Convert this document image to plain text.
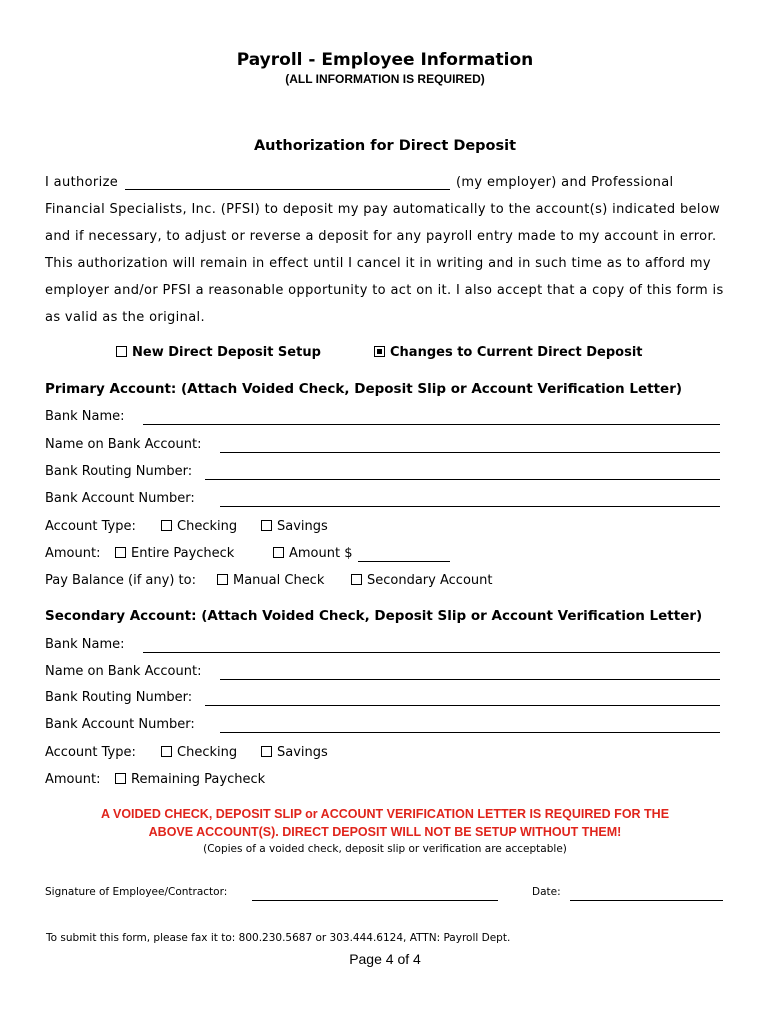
Payroll - Employee Information
(ALL INFORMATION IS REQUIRED)
Authorization for Direct Deposit
I authorize	(my employer) and Professional
Financial Specialists, Inc. (PFSI) to deposit my pay automatically to the account(s) indicated below
and if necessary, to adjust or reverse a deposit for any payroll entry made to my account in error.
This authorization will remain in effect until I cancel it in writing and in such time as to afford my
employer and/or PFSI a reasonable opportunity to act on it. I also accept that a copy of this form is
as valid as the original.
New Direct Deposit Setup	Changes to Current Direct Deposit
Primary Account: (Attach Voided Check, Deposit Slip or Account Verification Letter)
Bank Name:
Name on Bank Account:
Bank Routing Number:
Bank Account Number:
Account Type:	Checking	Savings
Amount:	Entire Paycheck	Amount $
Pay Balance (if any) to:	Manual Check	Secondary Account
Secondary Account: (Attach Voided Check, Deposit Slip or Account Verification Letter)
Bank Name:
Name on Bank Account:
Bank Routing Number:
Bank Account Number:
Account Type:	Checking	Savings
Amount:	Remaining Paycheck
A VOIDED CHECK, DEPOSIT SLIP or ACCOUNT VERIFICATION LETTER IS REQUIRED FOR THE
ABOVE ACCOUNT(S). DIRECT DEPOSIT WILL NOT BE SETUP WITHOUT THEM!
(Copies of a voided check, deposit slip or verification are acceptable)
Signature of Employee/Contractor:	Date:
To submit this form, please fax it to: 800.230.5687 or 303.444.6124, ATTN: Payroll Dept.
Page 4 of 4
